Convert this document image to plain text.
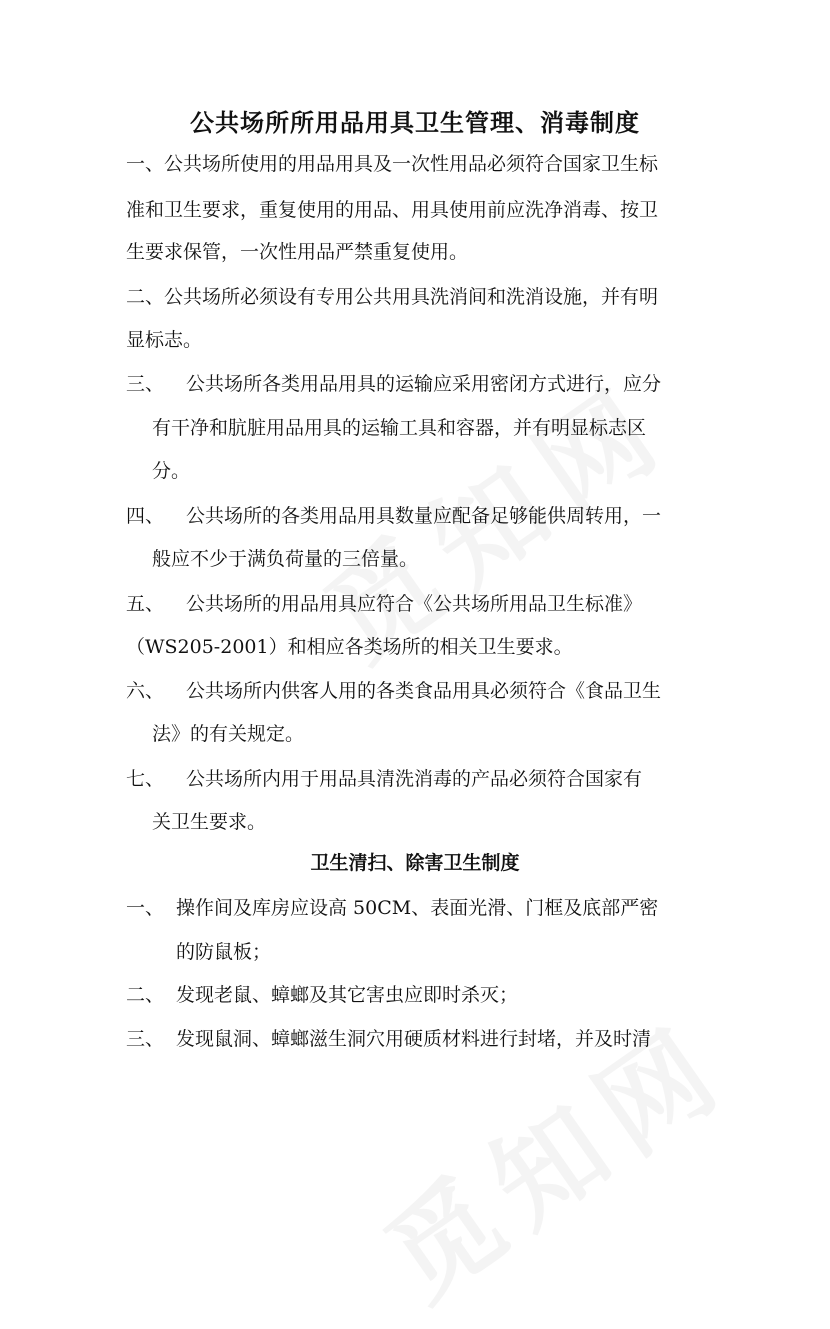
公共场所所用品用具卫生管理、消毒制度
一、公共场所使用的用品用具及一次性用品必须符合国家卫生标
准和卫生要求，重复使用的用品、用具使用前应洗净消毒、按卫
生要求保管，一次性用品严禁重复使用。
二、公共场所必须设有专用公共用具洗消间和洗消设施，并有明
显标志。
三、 公共场所各类用品用具的运输应采用密闭方式进行，应分
有干净和肮脏用品用具的运输工具和容器，并有明显标志区
分。
四、 公共场所的各类用品用具数量应配备足够能供周转用，一
般应不少于满负荷量的三倍量。
五、 公共场所的用品用具应符合《公共场所用品卫生标准》
（WS205-2001）和相应各类场所的相关卫生要求。
六、 公共场所内供客人用的各类食品用具必须符合《食品卫生
法》的有关规定。
七、 公共场所内用于用品具清洗消毒的产品必须符合国家有
关卫生要求。
卫生清扫、除害卫生制度
一、 操作间及库房应设高 50CM、表面光滑、门框及底部严密
的防鼠板；
二、 发现老鼠、蟑螂及其它害虫应即时杀灭；
三、 发现鼠洞、蟑螂滋生洞穴用硬质材料进行封堵，并及时清
